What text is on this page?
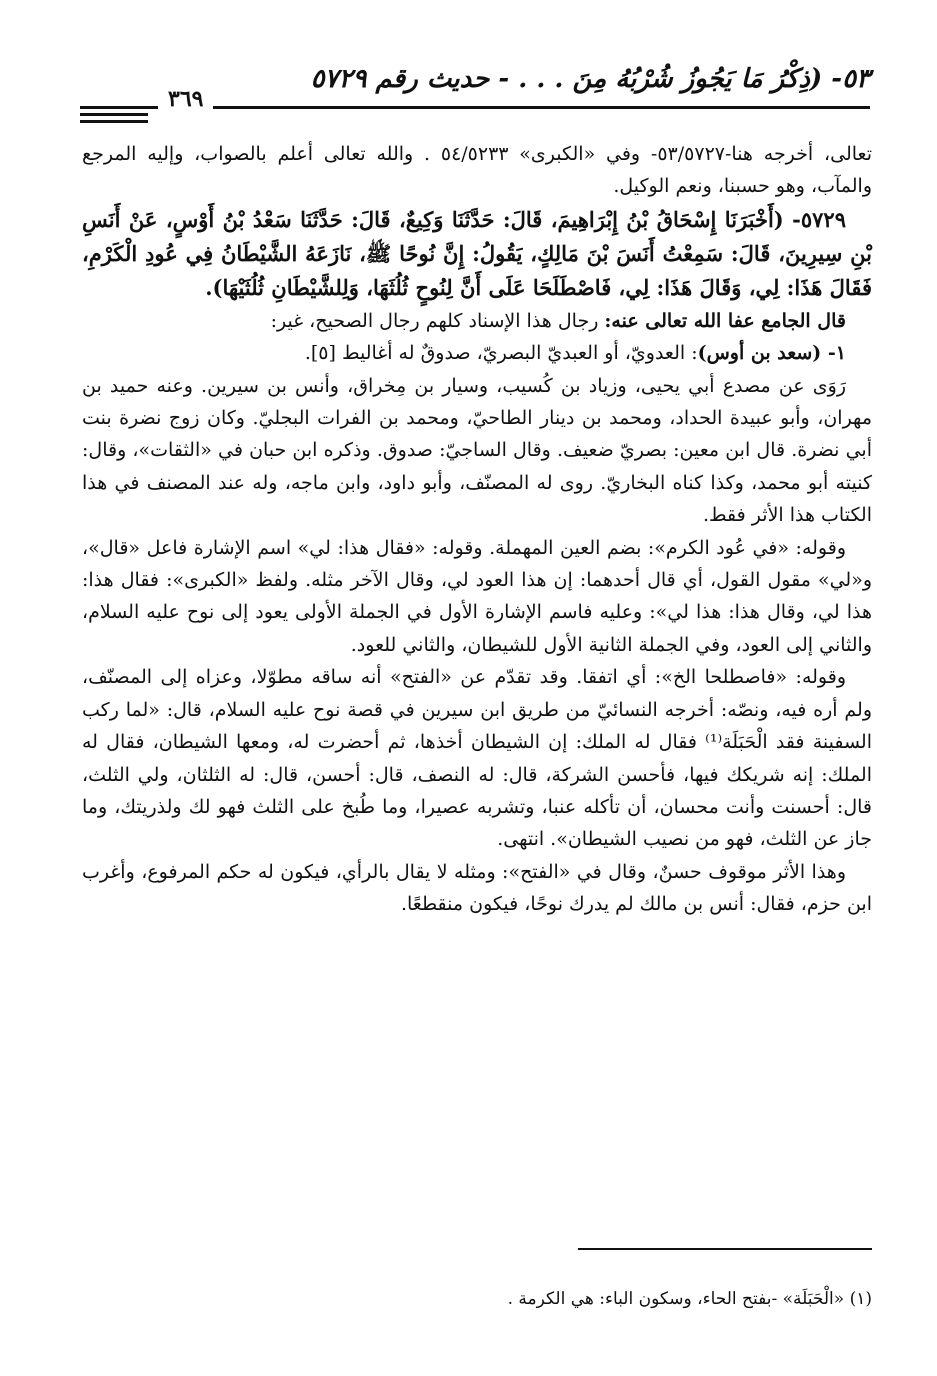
٥٣- (ذِكْرُ مَا يَجُوزُ شُرْبُهُ مِنَ . . . - حديث رقم ٥٧٢٩
٣٦٩

تعالى، أخرجه هنا-٥٣/٥٧٢٧- وفي «الكبرى» ٥٤/٥٢٣٣ . والله تعالى أعلم بالصواب، وإليه المرجع والمآب، وهو حسبنا، ونعم الوكيل.

٥٧٢٩- (أَخْبَرَنَا إِسْحَاقُ بْنُ إِبْرَاهِيمَ، قَالَ: حَدَّثَنَا وَكِيعٌ، قَالَ: حَدَّثَنَا سَعْدُ بْنُ أَوْسٍ، عَنْ أَنَسِ بْنِ سِيرِينَ، قَالَ: سَمِعْتُ أَنَسَ بْنَ مَالِكٍ، يَقُولُ: إِنَّ نُوحًا ﷺ، نَازَعَهُ الشَّيْطَانُ فِي عُودِ الْكَرْمِ، فَقَالَ هَذَا: لِي، وَقَالَ هَذَا: لِي، فَاصْطَلَحَا عَلَى أَنَّ لِنُوحٍ ثُلُثَهَا، وَلِلشَّيْطَانِ ثُلُثَيْهَا).

قال الجامع عفا الله تعالى عنه: رجال هذا الإسناد كلهم رجال الصحيح، غير:

١- (سعد بن أوس): العدويّ، أو العبديّ البصريّ، صدوقٌ له أغاليط [٥].

رَوَى عن مصدع أبي يحيى، وزياد بن كُسيب، وسيار بن مِخراق، وأنس بن سيرين. وعنه حميد بن مهران، وأبو عبيدة الحداد، ومحمد بن دينار الطاحيّ، ومحمد بن الفرات البجليّ. وكان زوج نضرة بنت أبي نضرة. قال ابن معين: بصريّ ضعيف. وقال الساجيّ: صدوق. وذكره ابن حبان في «الثقات»، وقال: كنيته أبو محمد، وكذا كناه البخاريّ. روى له المصنّف، وأبو داود، وابن ماجه، وله عند المصنف في هذا الكتاب هذا الأثر فقط.

وقوله: «في عُود الكرم»: بضم العين المهملة. وقوله: «فقال هذا: لي» اسم الإشارة فاعل «قال»، و«لي» مقول القول، أي قال أحدهما: إن هذا العود لي، وقال الآخر مثله. ولفظ «الكبرى»: فقال هذا: هذا لي، وقال هذا: هذا لي»: وعليه فاسم الإشارة الأول في الجملة الأولى يعود إلى نوح عليه السلام، والثاني إلى العود، وفي الجملة الثانية الأول للشيطان، والثاني للعود.

وقوله: «فاصطلحا الخ»: أي اتفقا. وقد تقدّم عن «الفتح» أنه ساقه مطوّلا، وعزاه إلى المصنّف، ولم أره فيه، ونصّه: أخرجه النسائيّ من طريق ابن سيرين في قصة نوح عليه السلام، قال: «لما ركب السفينة فقد الْحَبَلَة⁽¹⁾ فقال له الملك: إن الشيطان أخذها، ثم أحضرت له، ومعها الشيطان، فقال له الملك: إنه شريكك فيها، فأحسن الشركة، قال: له النصف، قال: أحسن، قال: له الثلثان، ولي الثلث، قال: أحسنت وأنت محسان، أن تأكله عنبا، وتشربه عصيرا، وما طُبخ على الثلث فهو لك ولذريتك، وما جاز عن الثلث، فهو من نصيب الشيطان». انتهى.

وهذا الأثر موقوف حسنٌ، وقال في «الفتح»: ومثله لا يقال بالرأي، فيكون له حكم المرفوع، وأغرب ابن حزم، فقال: أنس بن مالك لم يدرك نوحًا، فيكون منقطعًا.

(١) «الْحَبَلَة» -بفتح الحاء، وسكون الباء: هي الكرمة .
